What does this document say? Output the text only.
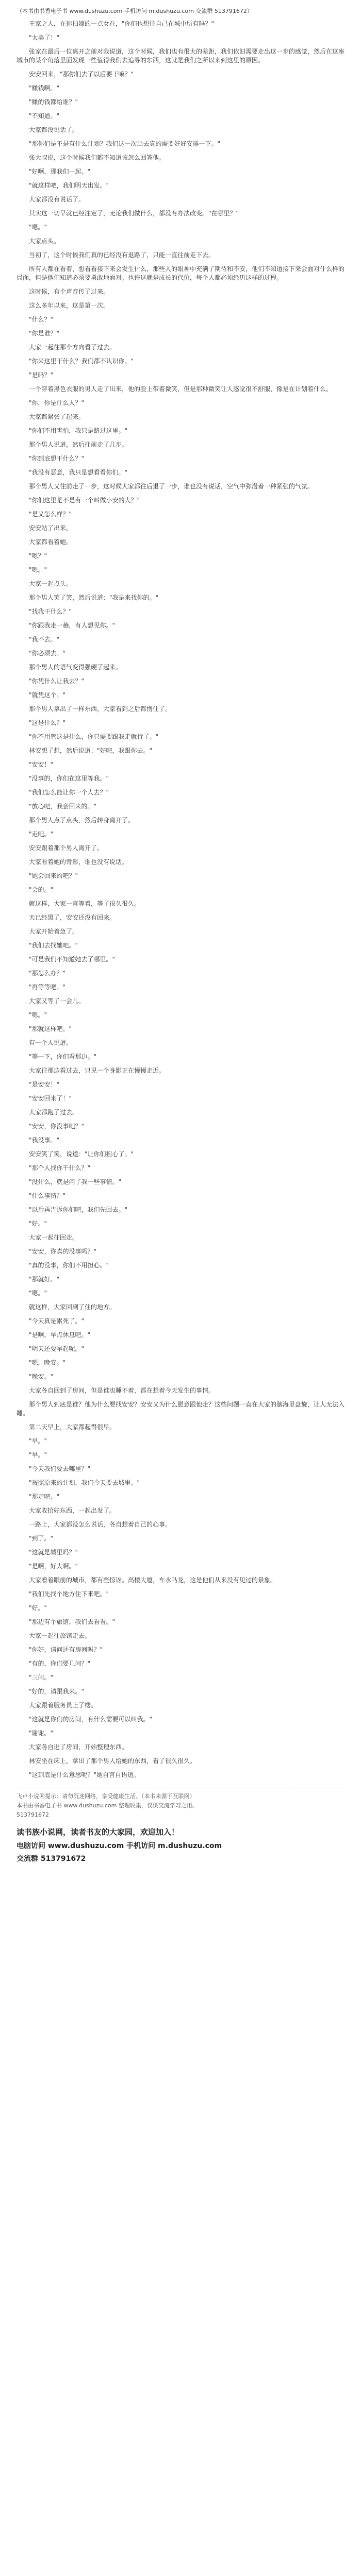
（本书由书香电子书 www.dushuzu.com 手机访问 m.dushuzu.com 交流群 513791672）

王家之人，在你拍嫁的一点女在，"你们也想住自己在城中所有吗？"

"太美了！"

张家在最后一位离开之前对我说道，这个时候，我们也有很大的差距，我们依旧需要走出这一步的感觉，然后在这座城市的某个角落里面发现一些值得我们去追寻的东西，这就是我们之所以来到这里的原因。

安安回来，"那你们去了以后要干嘛？"

"赚钱啊。"

"赚的钱都给谁？"

"不知道。"

大家都没说话了。

"那你们是不是有什么计划？我们这一次出去真的需要好好安排一下。"

张大叔说，这个时候我们都不知道该怎么回答他。

"好啊，那我们一起。"

"就这样吧，我们明天出发。"

大家都没有说话了。

其实这一切早就已经注定了，无论我们做什么，都没有办法改变。"在哪里？"

"嗯。"

大家点头。

当初了，这个时候我们真的已经没有退路了，只能一直往前走下去。

所有人都在看着，想看看接下来会发生什么，那些人的眼神中充满了期待和不安，他们不知道接下来会面对什么样的局面，但是他们知道必须要勇敢地面对。也许这就是成长的代价，每个人都必须经历这样的过程。

这时候，有个声音传了过来。

这么多年以来，这是第一次。

"什么？"

"你是谁？"

大家一起往那个方向看了过去。

"你来这里干什么？我们都不认识你。"

"是吗？"

一个穿着黑色衣服的男人走了出来，他的脸上带着微笑，但是那种微笑让人感觉很不舒服，像是在计划着什么。

"你，你是什么人？"

大家都紧张了起来。

"你们不用害怕，我只是路过这里。"

那个男人说道，然后往前走了几步。

"你到底想干什么？"

"我没有恶意，我只是想看看你们。"

那个男人又往前走了一步，这时候大家都往后退了一步，谁也没有说话，空气中弥漫着一种紧张的气氛。

"你们这里是不是有一个叫做小安的人？"

"是又怎么样？"

安安站了出来。

大家都看着她。

"嗯？"

"嗯。"

大家一起点头。

那个男人笑了笑，然后说道："我是来找你的。"

"找我干什么？"

"你跟我走一趟，有人想见你。"

"我不去。"

"你必须去。"

那个男人的语气变得强硬了起来。

"你凭什么让我去？"

"就凭这个。"

那个男人拿出了一样东西，大家看到之后都愣住了。

"这是什么？"

"你不用管这是什么，你只需要跟我走就行了。"

林安想了想，然后说道："好吧，我跟你去。"

"安安！"

"没事的，你们在这里等我。"

"我们怎么能让你一个人去？"

"放心吧，我会回来的。"

那个男人点了点头，然后转身离开了。

"走吧。"

安安跟着那个男人离开了。

大家看着她的背影，谁也没有说话。

"她会回来的吧？"

"会的。"

就这样，大家一直等着，等了很久很久。

天已经黑了，安安还没有回来。

大家开始着急了。

"我们去找她吧。"

"可是我们不知道她去了哪里。"

"那怎么办？"

"再等等吧。"

大家又等了一会儿。

"嗯。"

"那就这样吧。"

有一个人说道。

"等一下，你们看那边。"

大家往那边看过去，只见一个身影正在慢慢走近。

"是安安！"

"安安回来了！"

大家都跑了过去。

"安安，你没事吧？"

"我没事。"

安安笑了笑，说道："让你们担心了。"

"那个人找你干什么？"

"没什么，就是问了我一些事情。"

"什么事情？"

"以后再告诉你们吧，我们先回去。"

"好。"

大家一起往回走。

"安安，你真的没事吗？"

"真的没事，你们不用担心。"

"那就好。"

"嗯。"

就这样，大家回到了住的地方。

"今天真是累死了。"

"是啊，早点休息吧。"

"明天还要早起呢。"

"嗯，晚安。"

"晚安。"

大家各自回到了房间，但是谁也睡不着，都在想着今天发生的事情。

那个男人到底是谁？他为什么要找安安？安安又为什么愿意跟他走？这些问题一直在大家的脑海里盘旋，让人无法入睡。

第二天早上，大家都起得很早。

"早。"

"早。"

"今天我们要去哪里？"

"按照原来的计划，我们今天要去城里。"

"那走吧。"

大家收拾好东西，一起出发了。

一路上，大家都没怎么说话，各自想着自己的心事。

"到了。"

"这就是城里吗？"

"是啊，好大啊。"

大家看着眼前的城市，都有些惊讶。高楼大厦，车水马龙，这是他们从来没有见过的景象。

"我们先找个地方住下来吧。"

"好。"

"那边有个旅馆，我们去看看。"

大家一起往旅馆走去。

"你好，请问还有房间吗？"

"有的，你们要几间？"

"三间。"

"好的，请跟我来。"

大家跟着服务员上了楼。

"这就是你们的房间，有什么需要可以叫我。"

"谢谢。"

大家各自进了房间，开始整理东西。

林安坐在床上，拿出了那个男人给她的东西，看了很久很久。

"这到底是什么意思呢？"她自言自语道。

飞卢小说网提示：请勿沉迷网络，享受健康生活。（本书来源于互联网）
本书由书香电子书 www.dushuzu.com 整理收集，仅供交流学习之用。
513791672
读书族小说网，读者书友的大家园，欢迎加入！
电脑访问 www.dushuzu.com 手机访问 m.dushuzu.com
交流群 513791672
